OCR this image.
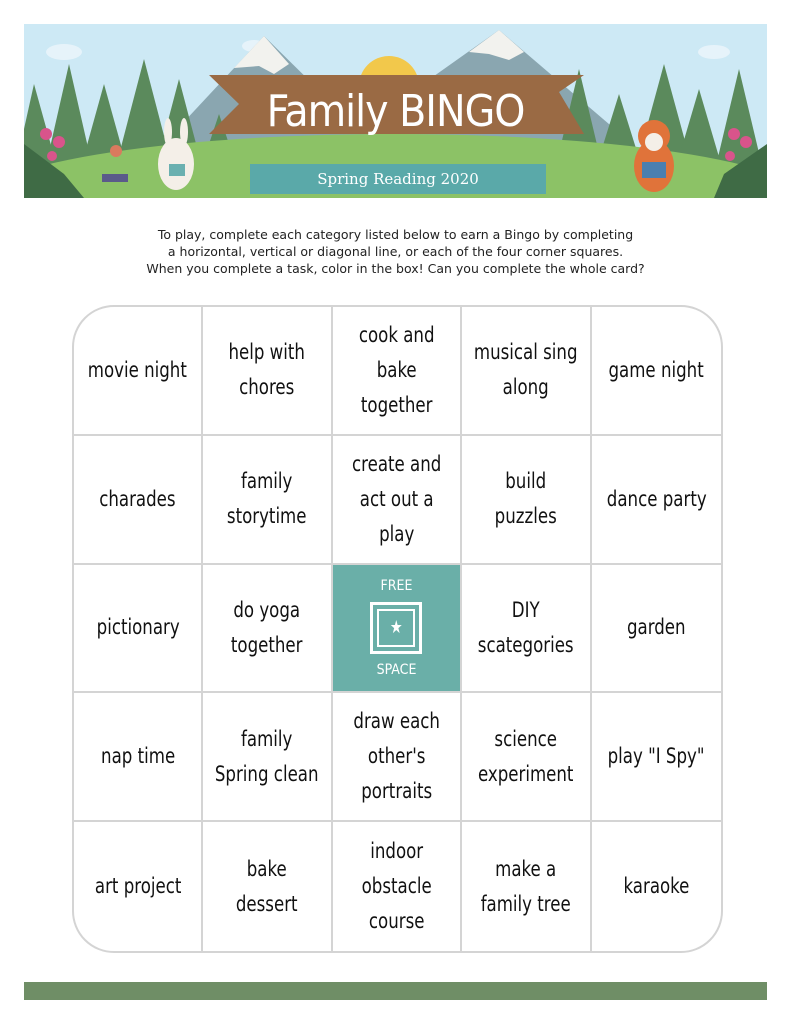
Family BINGO
Spring Reading 2020
To play, complete each category listed below to earn a Bingo by completing
a horizontal, vertical or diagonal line, or each of the four corner squares.
When you complete a task, color in the box! Can you complete the whole card?
movie night
help with chores
cook and bake together
musical sing along
game night
charades
family storytime
create and act out a play
build puzzles
dance party
pictionary
do yoga together
FREE
★
SPACE
DIY scategories
garden
nap time
family Spring clean
draw each other's portraits
science experiment
play "I Spy"
art project
bake dessert
indoor obstacle course
make a family tree
karaoke
